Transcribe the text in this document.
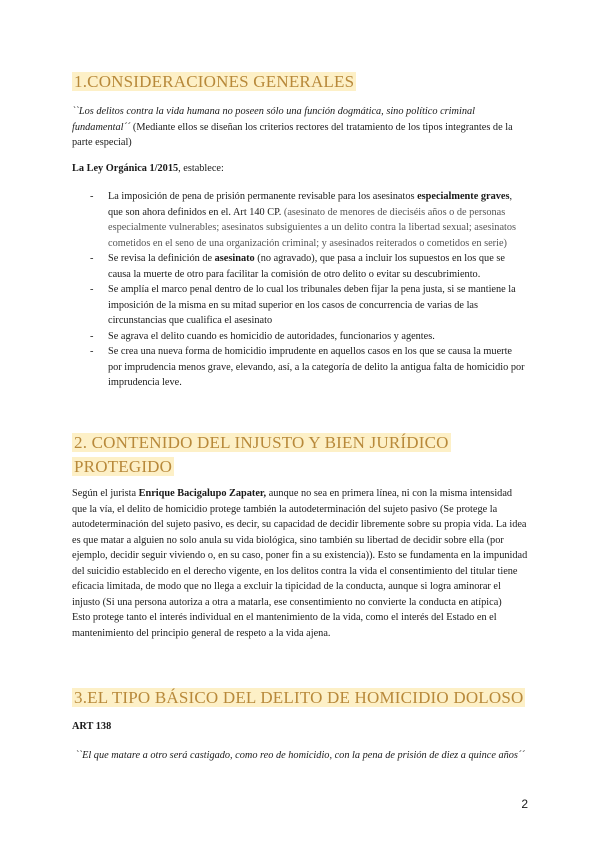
1.CONSIDERACIONES GENERALES
``Los delitos contra la vida humana no poseen sólo una función dogmática, sino político criminal fundamental´´ (Mediante ellos se diseñan los criterios rectores del tratamiento de los tipos integrantes de la parte especial)
La Ley Orgánica 1/2015, establece:
- La imposición de pena de prisión permanente revisable para los asesinatos especialmente graves, que son ahora definidos en el. Art 140 CP. (asesinato de menores de dieciséis años o de personas especialmente vulnerables; asesinatos subsiguientes a un delito contra la libertad sexual; asesinatos cometidos en el seno de una organización criminal; y asesinados reiterados o cometidos en serie)
- Se revisa la definición de asesinato (no agravado), que pasa a incluir los supuestos en los que se causa la muerte de otro para facilitar la comisión de otro delito o evitar su descubrimiento.
- Se amplía el marco penal dentro de lo cual los tribunales deben fijar la pena justa, si se mantiene la imposición de la misma en su mitad superior en los casos de concurrencia de varias de las circunstancias que cualifica el asesinato
- Se agrava el delito cuando es homicidio de autoridades, funcionarios y agentes.
- Se crea una nueva forma de homicidio imprudente en aquellos casos en los que se causa la muerte por imprudencia menos grave, elevando, así, a la categoría de delito la antigua falta de homicidio por imprudencia leve.
2. CONTENIDO DEL INJUSTO Y BIEN JURÍDICO
PROTEGIDO
Según el jurista Enrique Bacigalupo Zapater, aunque no sea en primera línea, ni con la misma intensidad que la vía, el delito de homicidio protege también la autodeterminación del sujeto pasivo (Se protege la autodeterminación del sujeto pasivo, es decir, su capacidad de decidir libremente sobre su propia vida. La idea es que matar a alguien no solo anula su vida biológica, sino también su libertad de decidir sobre ella (por ejemplo, decidir seguir viviendo o, en su caso, poner fin a su existencia)). Esto se fundamenta en la impunidad del suicidio establecido en el derecho vigente, en los delitos contra la vida el consentimiento del titular tiene eficacia limitada, de modo que no llega a excluir la tipicidad de la conducta, aunque si logra aminorar el injusto (Si una persona autoriza a otra a matarla, ese consentimiento no convierte la conducta en atípica)
Esto protege tanto el interés individual en el mantenimiento de la vida, como el interés del Estado en el mantenimiento del principio general de respeto a la vida ajena.
3.EL TIPO BÁSICO DEL DELITO DE HOMICIDIO DOLOSO
ART 138
``El que matare a otro será castigado, como reo de homicidio, con la pena de prisión de diez a quince años´´
2
